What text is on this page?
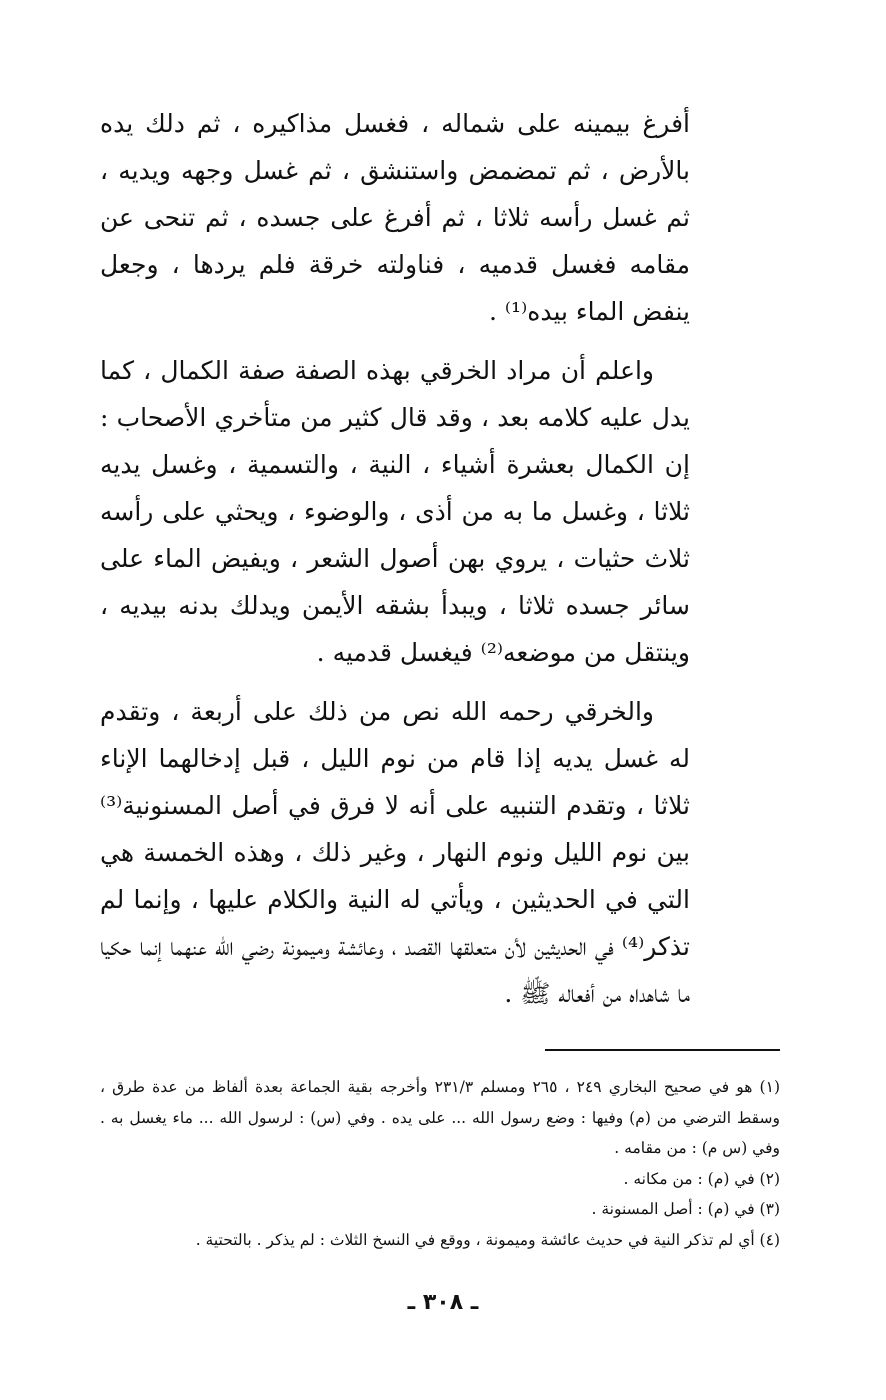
أفرغ بيمينه على شماله ، فغسل مذاكيره ، ثم دلك يده بالأرض ، ثم تمضمض واستنشق ، ثم غسل وجهه ويديه ، ثم غسل رأسه ثلاثا ، ثم أفرغ على جسده ، ثم تنحى عن مقامه فغسل قدميه ، فناولته خرقة فلم يردها ، وجعل ينفض الماء بيده⁽¹⁾ .

واعلم أن مراد الخرقي بهذه الصفة صفة الكمال ، كما يدل عليه كلامه بعد ، وقد قال كثير من متأخري الأصحاب : إن الكمال بعشرة أشياء ، النية ، والتسمية ، وغسل يديه ثلاثا ، وغسل ما به من أذى ، والوضوء ، ويحثي على رأسه ثلاث حثيات ، يروي بهن أصول الشعر ، ويفيض الماء على سائر جسده ثلاثا ، ويبدأ بشقه الأيمن ويدلك بدنه بيديه ، وينتقل من موضعه⁽²⁾ فيغسل قدميه .

والخرقي رحمه الله نص من ذلك على أربعة ، وتقدم له غسل يديه إذا قام من نوم الليل ، قبل إدخالهما الإناء ثلاثا ، وتقدم التنبيه على أنه لا فرق في أصل المسنونية⁽³⁾ بين نوم الليل ونوم النهار ، وغير ذلك ، وهذه الخمسة هي التي في الحديثين ، ويأتي له النية والكلام عليها ، وإنما لم تذكر⁽⁴⁾ في الحديثين لأن متعلقها القصد ، وعائشة وميمونة رضي الله عنهما إنما حكيا ما شاهداه من أفعاله ﷺ .

(١) هو في صحيح البخاري ٢٤٩ ، ٢٦٥ ومسلم ٢٣١/٣ وأخرجه بقية الجماعة بعدة ألفاظ من عدة طرق ، وسقط الترضي من (م) وفيها : وضع رسول الله ... على يده . وفي (س) : لرسول الله ... ماء يغسل به . وفي (س م) : من مقامه .

(٢) في (م) : من مكانه .

(٣) في (م) : أصل المسنونة .

(٤) أي لم تذكر النية في حديث عائشة وميمونة ، ووقع في النسخ الثلاث : لم يذكر . بالتحتية .

ـ ٣٠٨ ـ
